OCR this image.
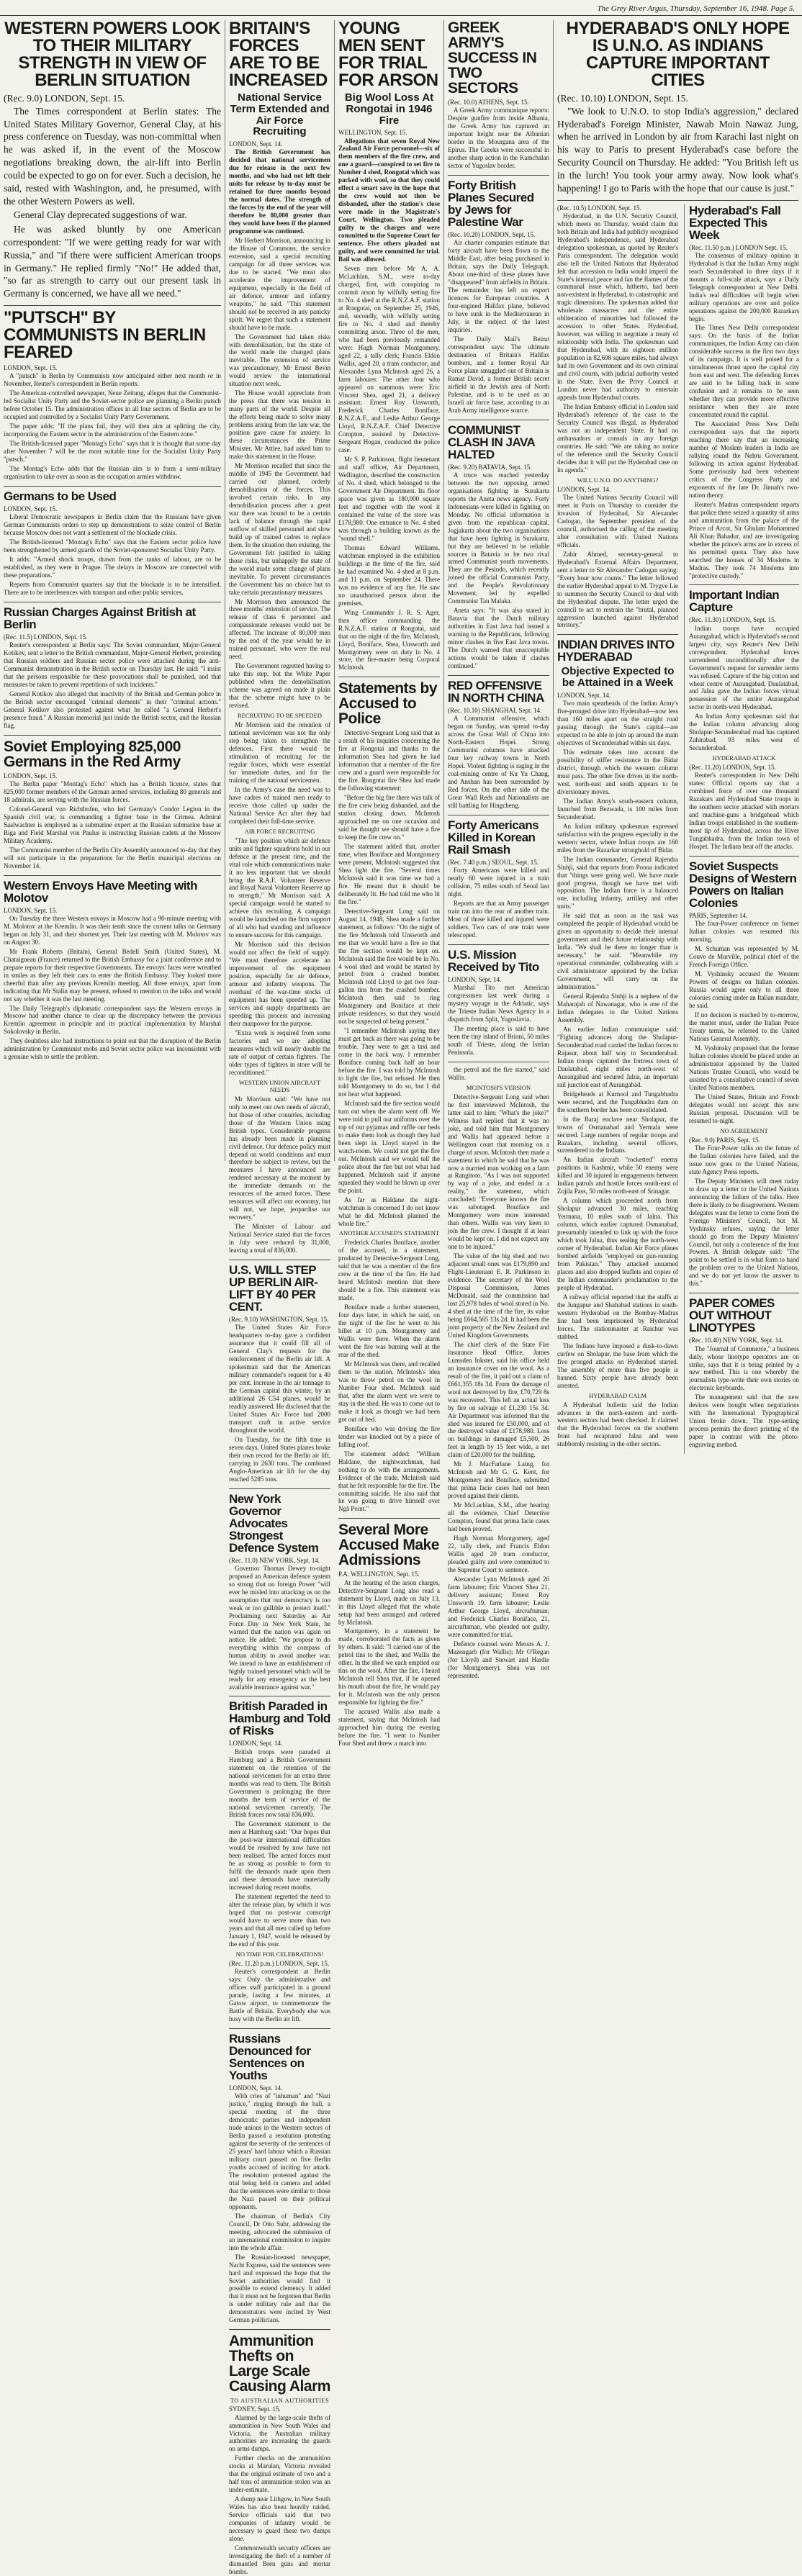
The Grey River Argus, Thursday, September 16, 1948. Page 5.
WESTERN POWERS LOOK TO THEIR MILITARY STRENGTH IN VIEW OF BERLIN SITUATION
(Rec. 9.0) LONDON, Sept. 15.

The Times correspondent at Berlin states: The United States Military Governor, General Clay, at his press conference on Tuesday, was non-committal when he was asked if, in the event of the Moscow negotiations breaking down, the air-lift into Berlin could be expected to go on for ever. Such a decision, he said, rested with Washington, and, he presumed, with the other Western Powers as well.

General Clay deprecated suggestions of war.

He was asked bluntly by one American correspondent: "If we were getting ready for war with Russia," and "if there were sufficient American troops in Germany." He replied firmly "No!" He added that, "so far as strength to carry out our present task in Germany is concerned, we have all we need."

"PUTSCH" BY COMMUNISTS IN BERLIN FEARED
LONDON, Sept. 15.

A "putsch" in Berlin by Communists now anticipated either next month or in November, Reuter's correspondent in Berlin reports.

The American-controlled newspaper, Neue Zeitung, alleges that the Communist-led Socialist Unity Party and the Soviet-sector police are planning a Berlin putsch before October 15. The administration offices in all four sectors of Berlin are to be occupied and controlled by a Socialist Unity Party Government.

The paper adds: "If the plans fail, they will then aim at splitting the city, incorporating the Eastern sector in the administration of the Eastern zone."

The British-licensed paper "Montag's Echo" says that it is thought that some day after November 7 will be the most suitable time for the Socialist Unity Party "putsch."

The Montag's Echo adds that the Russian aim is to form a semi-military organisation to take over as soon as the occupation armies withdraw.

Germans to be Used
LONDON, Sept. 15.

Liberal Democratic newspapers in Berlin claim that the Russians have given German Communists orders to step up demonstrations to seize control of Berlin because Moscow does not want a settlement of the blockade crisis.

The British-licensed "Montag's Echo" says that the Eastern sector police have been strengthened by armed guards of the Soviet-sponsored Socialist Unity Party.

It adds: "Armed shock troops, drawn from the ranks of labour, are to be established, as they were in Prague. The delays in Moscow are connected with these preparations."

Reports from Communist quarters say that the blockade is to be intensified. There are to be interferences with transport and other public services.

Russian Charges Against British at Berlin
(Rec. 11.5) LONDON, Sept. 15.

Reuter's correspondent at Berlin says: The Soviet commandant, Major-General Kotikov, sent a letter to the British commandant, Major-General Herbert, protesting that Russian soldiers and Russian sector police were attacked during the anti-Communist demonstration in the British sector on Thursday last. He said: "I insist that the persons responsible for these provocations shall be punished, and that measures be taken to prevent repetitions of such incidents."

General Kotikov also alleged that inactivity of the British and German police in the British sector encouraged "criminal elements" in their "criminal actions." General Kotikov also protested against what he called "a General Herbert's presence fraud." A Russian memorial just inside the British sector, and the Russian flag.

Soviet Employing 825,000 Germans in the Red Army
LONDON, Sept. 15.

The Berlin paper "Montag's Echo" which has a British licence, states that 825,000 former members of the German armed services, including 80 generals and 18 admirals, are serving with the Russian forces.

Colonel-General von Richthofen, who led Germany's Condor Legion in the Spanish civil war, is commanding a fighter base in the Crimea. Admiral Saalwachter is employed as a submarine expert at the Russian submarine base at Riga and Field Marshal von Paulus is instructing Russian cadets at the Moscow Military Academy.

The Communist member of the Berlin City Assembly announced to-day that they will not participate in the preparations for the Berlin municipal elections on November 14.

Western Envoys Have Meeting with Molotov
LONDON, Sept. 15.

On Tuesday the three Western envoys in Moscow had a 90-minute meeting with M. Molotov at the Kremlin. It was their tenth since the current talks on Germany began on July 31, and their shortest yet. Their last meeting with M. Molotov was on August 30.

Mr Frank Roberts (Britain), General Bedell Smith (United States), M. Chataigneau (France) returned to the British Embassy for a joint conference and to prepare reports for their respective Governments. The envoys' faces were wreathed in smiles as they left their cars to enter the British Embassy. They looked more cheerful than after any previous Kremlin meeting. All three envoys, apart from indicating that Mr Stalin may be present, refused to mention to the talks and would not say whether it was the last meeting.

The Daily Telegraph's diplomatic correspondent says the Western envoys in Moscow had another chance to clear up the discrepancy between the previous Kremlin agreement in principle and its practical implementation by Marshal Sokolovsky in Berlin.

They doubtless also had instructions to point out that the disruption of the Berlin administration by Communist mobs and Soviet sector police was inconsistent with a genuine wish to settle the problem.

BRITAIN'S FORCES ARE TO BE INCREASED
National Service Term Extended and Air Force Recruiting
LONDON, Sept. 14.

The British Government has decided that national servicemen due for release in the next few months, and who had not left their units for release by to-day must be retained for three months beyond the normal dates. The strength of the forces by the end of the year will therefore be 80,000 greater than they would have been if the planned programme was continued.

Mr Herbert Morrison, announcing in the House of Commons, the service extension, said a special recruiting campaign for all three services was due to be started. "We must also accelerate the improvement of equipment, especially in the field of air defence, armour and infantry weapons," he said. "This statement should not be received in any panicky spirit. We regret that such a statement should have to be made.

The Government had taken risks with demobilisation, but the state of the world made the changed plans inevitable. The extension of service was precautionary, Mr Ernest Bevin would review the international situation next week.

The House would appreciate from the press that there was tension in many parts of the world. Despite all the efforts being made to solve many problems arising from the late war, the position gave cause for anxiety. In these circumstances the Prime Minister, Mr Attlee, had asked him to make this statement in the House.

Mr Morrison recalled that since the middle of 1945 the Government had carried out planned, orderly demobilisation of the forces. This involved certain risks. In any demobilisation process after a great war there was bound to be a certain lack of balance through the rapid outflow of skilled personnel and slow build up of trained cadres to replace them. In the situation then existing, the Government felt justified in taking those risks, but unhappily the state of the world made some change of plans inevitable. To prevent circumstances the Government has no choice but to take certain precautionary measures.

Mr Morrison then announced the three months' extension of service. The release of class 6 personnel and compassionate releases would not be affected. The increase of 80,000 men by the end of the year would be in trained personnel, who were the real need.

The Government regretted having to take this step, but the White Paper published when the demobilisation scheme was agreed on made it plain that the scheme might have to be revised.

RECRUITING TO BE SPEEDED

Mr Morrison said the retention of national servicemen was not the only step being taken to strengthen the defences. First there would be stimulation of recruiting for the regular forces, which were essential for immediate duties, and for the training of the national servicemen.

In the Army's case the need was to have cadres of trained men ready to receive those called up under the National Service Act after they had completed their full-time service.

AIR FORCE RECRUITING

"The key position which air defence units and fighter squadrons hold in our defence at the present time, and the vital role which communications make it no less important that we should bring the R.A.F. Volunteer Reserve and Royal Naval Volunteer Reserve up to strength," Mr Morrison said. A special campaign would be started to achieve this recruiting. A campaign would be launched on the firm support of all who had standing and influence to ensure success for this campaign.

Mr Morrison said this decision would not affect the field of supply. "We must therefore accelerate an improvement of the equipment position, especially for air defence, armour and infantry weapons. The overhaul of the war-time stocks of equipment has been speeded up. The services and supply departments are speeding this process and increasing their manpower for the purpose.

"Extra work is required from some factories and we are adopting measures which will nearly double the rate of output of certain fighters. The older types of fighters in store will be reconditioned."

WESTERN UNION AIRCRAFT NEEDS

Mr Morrison said: "We have not only to meet our own needs of aircraft, but those of other countries, including those of the Western Union using British types. Considerable progress has already been made in planning civil defence. Our defence policy must depend on world conditions and must therefore be subject to review, but the measures I have announced are rendered necessary at the moment by the immediate demands on the resources of the armed forces. These resources will affect our economy, but will not, we hope, jeopardise our recovery."

The Minister of Labour and National Service stated that the forces in July were reduced by 31,000, leaving a total of 836,000.

U.S. WILL STEP UP BERLIN AIR-LIFT BY 40 PER CENT.
(Rec. 9.10) WASHINGTON, Sept. 15.

The United States Air Force headquarters to-day gave a confident assurance that it could fill all of General Clay's requests for the reinforcement of the Berlin air lift. A spokesman said that the American military commander's request for a 40 per cent. increase in the air tonnage to the German capital this winter, by an additional 26 C54 planes, would be readily answered. He disclosed that the United States Air Force had 2000 transport craft in active service throughout the world.

On Tuesday, for the fifth time in seven days, United States planes broke their own record for the Berlin air lift, carrying in 2630 tons. The combined Anglo-American air lift for the day reached 5285 tons.

New York Governor Advocates Strongest Defence System
(Rec. 11.0) NEW YORK, Sept. 14.

Governor Thomas Dewey to-night proposed an American defence system so strong that no foreign Power "will ever be misled into attacking us on the assumption that our democracy is too weak or too gullible to protect itself." Proclaiming next Saturday as Air Force Day in New York State, he warned that the nation was again on notice. He added: "We propose to do everything within the compass of human ability to avoid another war. We intend to have an establishment of highly trained personnel which will be ready for any emergency as the best available insurance against war."

British Paraded in Hamburg and Told of Risks
LONDON, Sept. 14.

British troops were paraded at Hamburg and a British Government statement on the retention of the national servicemen for an extra three months was read to them. The British Government is prolonging the three months the term of service of the national servicemen currently. The British forces now total 836,000.

The Government statement to the men at Hamburg said: "Our hopes that the post-war international difficulties would be resolved by now have not been realised. The armed forces must be as strong as possible to form to fulfil the demands made upon them and these demands have materially increased during recent months.

The statement regretted the need to alter the release plan, by which it was hoped that no post-war conscript would have to serve more than two years and that all men called up before January 1, 1947, would be released by the end of this year.

NO TIME FOR CELEBRATIONS!
(Rec. 11.20 p.m.) LONDON, Sept. 15.

Reuter's correspondent at Berlin says: Only the administrative and offices staff participated in a ground parade, lasting a few minutes, at Gatow airport, to commemorate the Battle of Britain. Everybody else was busy with the Berlin air lift.

Russians Denounced for Sentences on Youths
LONDON, Sept. 14.

With cries of "inhuman" and "Nazi justice," ringing through the hall, a special meeting of the three democratic parties and independent trade unions in the Western sectors of Berlin passed a resolution protesting against the severity of the sentences of 25 years' hard labour which a Russian military court passed on five Berlin youths accused of inciting for attack. The resolution protested against the trial being held in camera and added that the sentences were similar to those the Nazi passed on their political opponents.

The chairman of Berlin's City Council, Dr Otto Suhr, addressing the meeting, advocated the submission of an international commission to inquire into the whole affair.

The Russian-licensed newspaper, Nacht Express, said the sentences were hard and expressed the hope that the Soviet authorities would find it possible to extend clemency. It added that it must not be forgotten that Berlin is under military rule and that the demonstrators were incited by West German politicians.

Ammunition Thefts on Large Scale Causing Alarm
TO AUSTRALIAN AUTHORITIES
SYDNEY, Sept. 15.

Alarmed by the large-scale thefts of ammunition in New South Wales and Victoria, the Australian military authorities are increasing the guards on arms dumps.

Further checks on the ammunition stocks at Marulan, Victoria revealed that the original estimate of two and a half tons of ammunition stolen was an under-estimate.

A dump near Lithgow, in New South Wales has also been heavily raided. Service officials said that two companies of infantry would be necessary to guard these two dumps alone.

Commonwealth security officers are investigating the theft of a number of dismantled Bren guns and mortar bombs.

YOUNG MEN SENT FOR TRIAL FOR ARSON
Big Wool Loss At Rongotai in 1946 Fire
WELLINGTON, Sept. 15.

Allegations that seven Royal New Zealand Air Force personnel—six of them members of the fire crew, and one a guard—conspired to set fire to Number 4 shed, Rongotai which was packed with wool, so that they could effect a smart save in the hope that the crew would not then be disbanded, after the station's close were made in the Magistrate's Court, Wellington. Two pleaded guilty to the charges and were committed to the Supreme Court for sentence. Five others pleaded not guilty, and were committed for trial. Bail was allowed.

Seven men before Mr A. A. McLachlan, S.M., were to-day charged, first, with conspiring to commit arson by wilfully setting fire to No. 4 shed at the R.N.Z.A.F. station at Rongotai, on September 25, 1946, and, secondly, with wilfully setting fire to No. 4 shed and thereby committing arson. Three of the men, who had been previously remanded were: Hugh Norman Montgomery, aged 22, a tally clerk; Francis Eldon Wallis, aged 20, a tram conductor; and Alexander Lynn McIntosh aged 26, a farm labourer. The other four who appeared on summons were: Eric Vincent Shea, aged 21, a delivery assistant; Ernest Roy Unsworth, Frederick Charles Boniface, R.N.Z.A.F., and Leslie Arthur George Lloyd, R.N.Z.A.F. Chief Detective Compton, assisted by Detective-Sergeant Hogan, conducted the police case.

Mr S. P. Parkinson, flight lieutenant and staff officer, Air Department, Wellington, described the construction of No. 4 shed, which belonged to the Government Air Department. Its floor space was given as 180,000 square feet and together with the wool it contained the value of the store was £178,980. One entrance to No. 4 shed was through a building known as the "sound shell."

Thomas Edward Williams, watchman employed in the exhibition buildings at the time of the fire, said he had examined No. 4 shed at 8 p.m. and 11 p.m. on September 24. There was no evidence of any fire. He saw no unauthorised person about the premises.

Wing Commander J. R. S. Ager, then officer commanding the R.N.Z.A.F. station at Rongotai, said that on the night of the fire, McIntosh, Lloyd, Boniface, Shea, Unsworth and Montgomery were on duty in No. 4 store, the fire-master being Corporal McIntosh.

Statements by Accused to Police

Detective-Sergeant Long said that as a result of his inquiries concerning the fire at Rongotai and thanks to the information Shea had given he had information that a member of the fire crew and a guard were responsible for the fire. Rongotai fire Shea had made the following statement:

"Before the big fire there was talk of the fire crew being disbanded, and the station closing down. McIntosh approached me on one occasion and said he thought we should have a fire to keep the fire crew on."

The statement added that, another time, when Boniface and Montgomery were present, McIntosh suggested that Shea light the fire. "Several times McIntosh said it was time we had a fire. He meant that it should be deliberately lit. He had told me who lit the fire."

Detective-Sergeant Long said on August 14, 1948, Shea made a further statement, as follows: "On the night of the fire McIntosh told Unsworth and me that we would have a fire so that the fire section would be kept on. McIntosh said the fire would be in No. 4 wool shed and would be started by petrol from a crashed bomber. McIntosh told Lloyd to get two four-gallon tins from the crashed bomber. McIntosh then said to ring Montgomery and Boniface at their private residences, so that they would not be suspected of being present."

"I remember McIntosh saying they must get back as there was going to be trouble. They were to get a taxi and come in the back way. I remember Boniface coming back half an hour before the fire. I was told by McIntosh to light the fire, but refused. He then told Montgomery to do so, but I did not hear what happened.

McIntosh said the fire section would turn out when the alarm went off. We were told to pull our uniforms over the top of our pyjamas and ruffle our beds to make them look as though they had been slept in. Lloyd stayed in the watch-room. We could not get the fire out. McIntosh said we would tell the police about the fire but not what had happened. McIntosh said if anyone squealed they would be blown up over the point.

As far as Haldane the night-watchman is concerned I do not know what he did. McIntosh planned the whole fire."

ANOTHER ACCUSED'S STATEMENT

Frederick Charles Boniface, another of the accused, in a statement, produced by Detective-Sergeant Long, said that he was a member of the fire crew at the time of the fire. He had heard McIntosh mention that there should be a fire. This statement was made.

Boniface made a further statement, four days later, in which he said, on the night of the fire he went to his billet at 10 p.m. Montgomery and Wallis were there. When the alarm went the fire was burning well at the rear of the shed.

Mr McIntosh was there, and recalled them to the station. McIntosh's idea was to throw petrol on the wool in Number Four shed. McIntosh said that, after the alarm went we were to stay in the shed. He was to come out to make it look as though we had been got out of bed.

Boniface who was driving the fire tender was knocked out by a piece of falling roof.

The statement added: "William Haldane, the nightwatchman, had nothing to do with the arrangements. Evidence of the trade. McIntosh said that he felt responsible for the fire. The committing suicide. He also said that he was going to drive himself over Ngā Point."

Several More Accused Make Admissions
P.A. WELLINGTON, Sept. 15.

At the hearing of the arson charges, Detective-Sergeant Long also read a statement by Lloyd, made on July 13, in this Lloyd alleged that the whole setup had been arranged and ordered by McIntosh.

Montgomery, in a statement he made, corroborated the facts as given by others. It said: "I carried one of the petrol tins to the shed, and Wallis the other. In the shed we each emptied our tins on the wool. After the fire, I heard McIntosh tell Shea that, if he opened his mouth about the fire, he would pay for it. McIntosh was the only person responsible for lighting the fire."

The accused Wallis also made a statement, saying that McIntosh had approached him during the evening before the fire. "I went to Number Four Shed and threw a match into

GREEK ARMY'S SUCCESS IN TWO SECTORS
(Rec. 10.0) ATHENS, Sept. 15.

A Greek Army communique reports: Despite gunfire from inside Albania, the Greek Army has captured an important height near the Albanian border in the Mourgana area of the Epirus. The Greeks were successful in another sharp action in the Kamchalan sector of Yugoslav border.

Forty British Planes Secured by Jews for Palestine War
(Rec. 10.20) LONDON, Sept. 15.

Air charter companies estimate that forty aircraft have been flown to the Middle East, after being purchased in Britain, says the Daily Telegraph. About one-third of these planes have "disappeared" from airfields in Britain. The remainder has left on export licences for European countries. A four-engined Halifax plane, believed to have sunk in the Mediterranean in July, is the subject of the latest inquiries.

The Daily Mail's Beirut correspondent says: The ultimate destination of Britain's Halifax bombers, and a former Royal Air Force plane smuggled out of Britain is Ramat David, a former British secret airfield in the Jewish area of North Palestine, and is to be used as an Israeli air force base, according to an Arab Army intelligence source.

COMMUNIST CLASH IN JAVA HALTED
(Rec. 9.20) BATAVIA, Sept. 15.

A truce was reached yesterday between the two opposing armed organisations fighting in Surakarta reports the Aneta news agency. Forty Indonesians were killed in fighting on Monday. No official information is given from the republican capital, Jogjakarta about the two organisations that have been fighting in Surakarta, but they are believed to be reliable sources in Batavia to be two rival armed Communist youth movements. They are the Pesindo, which recently joined the official Communist Party, and the People's Revolutionary Movement, led by expelled Communist Tan Malaka.

Aneta says: "It was also stated in Batavia that the Dutch military authorities in East Java had issued a warning to the Republicans, following minor clashes in five East Java towns. The Dutch warned that unacceptable actions would be taken if clashes continued."

RED OFFENSIVE IN NORTH CHINA
(Rec. 10.10) SHANGHAI, Sept. 14.

A Communist offensive, which began on Sunday, was spread to-day across the Great Wall of China into North-Eastern Hopei. Strong Communist columns have attacked four key railway towns in North Hopei. Violent fighting is raging in the coal-mining centre of Ku Yu Chang, and Anshan has been surrounded by Red forces. On the other side of the Great Wall Reds and Nationalists are still battling for Hingcheng.

Forty Americans Killed in Korean Rail Smash
(Rec. 7.40 p.m.) SEOUL, Sept. 15.

Forty Americans were killed and nearly 60 were injured in a train collision, 75 miles south of Seoul last night.

Reports are that an Army passenger train ran into the rear of another train. Most of those killed and injured were soldiers. Two cars of one train were telescoped.

U.S. Mission Received by Tito
LONDON, Sept. 14.

Marshal Tito met American congressmen last week during a mystery voyage in the Adriatic, says the Trieste Italian News Agency in a dispatch from Split, Yugoslavia.

The meeting place is said to have been the tiny island of Brioni, 50 miles south of Trieste, along the Istrian Peninsula.

the petrol and the fire started," said Wallis.

MCINTOSH'S VERSION

Detective-Sergeant Long said when he first interviewed McIntosh, the latter said to him: "What's the joke?" Witness had replied that it was no joke, and told him that Montgomery and Wallis had appeared before a Wellington court that morning on a charge of arson. McIntosh then made a statement in which he said that he was now a married man working on a farm at Rangitoto. "As I was not supported by way of a joke, and ended in a reality," the statement, which concluded: "Everyone knows the fire was sabotaged. Boniface and Montgomery were more interested than others. Wallis was very keen to join the fire crew. I thought if at least would be kept on. I did not expect any one to be injured."

The value of the big shed and two adjacent small ones was £179,890 and Flight-Lieutenant E. R. Parkinson in evidence. The secretary of the Wool Disposal Commission, James McDonald, said the commission had lost 25,978 bales of wool stored in No. 4 shed at the time of the fire, its value being £664,565 13s 2d. It had been the joint property of the New Zealand and United Kingdom Governments.

The chief clerk of the State Fire Insurance Head Office, James Lumsden Inkster, said his office held an insurance cover on the wool. As a result of the fire, it paid out a claim of £661,355 18s 3d. From the damage of wool not destroyed by fire, £70,729 8s was recovered. This left an actual loss by fire on salvage of £1,230 15s 3d. Air Department was informed that the shed was insured for £50,000, and of the destroyed value of £178,980. Loss on buildings in damaged £5,500, 26 feet in length by 15 feet wide, a net claim of £20,000 for the building.

Mr J. MacFarlane Laing, for McIntosh and Mr G. G. Kent, for Montgomery and Boniface, submitted that prima facie cases had not been proved against their clients.

Mr McLachlan, S.M., after hearing all the evidence, Chief Detective Compton, found that prima facie cases had been proved.

Hugh Norman Montgomery, aged 22, tally clerk, and Francis Eldon Wallis aged 20 tram conductor, pleaded guilty and were committed to the Supreme Court to sentence.

Alexander Lynn McIntosh aged 26 farm labourer; Eric Vincent Shea 21, delivery assistant; Ernest Roy Unsworth 19, farm labourer; Leslie Arthur George Lloyd, aircraftsman; and Frederick Charles Boniface, 21, aircraftsman, who pleaded not guilty, were committed for trial.

Defence counsel were Messrs A. J. Mazengarb (for Wallis); Mr O'Regan (for Lloyd) and Stewart and Hardie (for Montgomery). Shea was not represented.

HYDERABAD'S ONLY HOPE IS U.N.O. AS INDIANS CAPTURE IMPORTANT CITIES
(Rec. 10.10) LONDON, Sept. 15.

"We look to U.N.O. to stop India's aggression," declared Hyderabad's Foreign Minister, Nawab Moin Nawaz Jung, when he arrived in London by air from Karachi last night on his way to Paris to present Hyderabad's case before the Security Council on Thursday. He added: "You British left us in the lurch! You took your army away. Now look what's happening! I go to Paris with the hope that our cause is just."

(Rec. 10.5) LONDON, Sept. 15.

Hyderabad, in the U.N. Security Council, which meets on Thursday, would claim that both Britain and India had publicly recognised Hyderabad's independence, said Hyderabad delegation spokesman, as quoted by Reuter's Paris correspondent. The delegation would also tell the United Nations that Hyderabad felt that accession to India would imperil the State's internal peace and fan the flames of the communal issue which, hitherto, had been non-existent in Hyderabad, to catastrophic and tragic dimensions. The spokesman added that wholesale massacres and the entire obliteration of minorities had followed the accession to other States. Hyderabad, however, was willing to negotiate a treaty of relationship with India. The spokesman said that Hyderabad, with its eighteen million population in 82,698 square miles, had always had its own Government and its own criminal and civil courts, with judicial authority vested in the State. Even the Privy Council at London never had authority to entertain appeals from Hyderabad courts.

The Indian Embassy official in London said Hyderabad's reference of the case to the Security Council was illegal, as Hyderabad was not an independent State. It had no ambassadors or consuls in any foreign countries. He said: "We are taking no notice of the reference until the Security Council decides that it will put the Hyderabad case on its agenda."

WILL U.N.O. DO ANYTHING?
LONDON, Sept. 14.

The United Nations Security Council will meet in Paris on Thursday to consider the invasion of Hyderabad, Sir Alexander Cadogan, the September president of the council, authorised the calling of the meeting after consultation with United Nations officials.

Zahir Ahmed, secretary-general to Hyderabad's External Affairs Department, sent a letter to Sir Alexander Cadogan saying: "Every hour now counts." The letter followed the earlier Hyderabad appeal to M. Trygve Lie to summon the Security Council to deal with the Hyderabad dispute. The letter urged the council to act to restrain the "brutal, planned aggression launched against Hyderabad territory."

INDIAN DRIVES INTO HYDERABAD
Objective Expected to be Attained in a Week
LONDON, Sept. 14.

Two main spearheads of the Indian Army's five-pronged drive into Hyderabad—now less than 160 miles apart on the straight road passing through the State's capital—are expected to be able to join up around the main objectives of Secunderabad within six days.

This estimate takes into account the possibility of stiffer resistance in the Bidar district, through which the western column must pass. The other five drives in the north-west, north-east and south appears to be diversionary moves.

The Indian Army's south-eastern column, launched from Bezwada, is 100 miles from Secunderabad.

An Indian military spokesman expressed satisfaction with the progress especially in the western sector, where Indian troops are 160 miles from the Razarkar stronghold of Bidar.

The Indian commander, General Rajendra Sinhji, said that reports from Poona indicated that "things were going well. We have made good progress, though we have met with opposition. The Indian force is a balanced one, including infantry, artillery and other units."

He said that as soon as the task was completed the people of Hyderabad would be given an opportunity to decide their internal government and their future relationship with India. "We shall be there no longer than is necessary," he said. "Meanwhile my operational commander, collaborating with a civil administrator appointed by the Indian Government, will carry on the administration."

General Rajendra Sinhji is a nephew of the Maharajah of Nawanagar, who is one of the Indian delegates to the United Nations Assembly.

An earlier Indian communique said: "Fighting advances along the Sholapur-Secunderabad road carried the Indian forces to Rajasur, about half way to Secunderabad. Indian troops captured the fortress town of Daulatabad, eight miles north-west of Aurangabad and secured Jalna, an important rail junction east of Aurangabad.

Bridgeheads at Kurnool and Tungabhadra were secured, and the Tungabhadra dam on the southern border has been consolidated.

In the Baraj enclave near Sholapur, the towns of Osmanabad and Yermala were secured. Large numbers of regular troops and Razakars, including several officers, surrendered to the Indians.

An Indian aircraft "rocketted" enemy positions in Kashmir, while 50 enemy were killed and 30 injured in engagements between Indian patrols and hostile forces south-east of Zojila Pass, 50 miles north-east of Srinagar.

A column which proceeded north from Sholapur advanced 30 miles, reaching Yermana, 10 miles south of Jalna. This column, which earlier captured Osmanabad, presumably intended to link up with the force which took Jalna, thus sealing the north-west corner of Hyderabad. Indian Air Force planes bombed airfields "employed on gun-running from Pakistan." They attacked unnamed places and also dropped leaflets and copies of the Indian commander's proclamation to the people of Hyderabad.

A railway official reported that the staffs at the Jungapur and Shahabad stations in south-western Hyderabad on the Bombay-Madras line had been imprisoned by Hyderabad forces. The stationmaster at Raichur was stabbed.

The Indians have imposed a dusk-to-dawn curfew on Sholapur, the base from which the five pronged attacks on Hyderabad started. The assembly of more than five people is banned. Sixty people have already been arrested.

HYDERABAD CALM

A Hyderabad bulletin said the Indian advances in the north-eastern and north-western sectors had been checked. It claimed that the Hyderabad forces on the southern front had recaptured Jalna and were stubbornly resisting in the other sectors.

Hyderabad's Fall Expected This Week
(Rec. 11.50 p.m.) LONDON Sept. 15.

The consensus of military opinion in Hyderabad is that the Indian Army might reach Secunderabad in three days if it mounts a full-scale attack, says a Daily Telegraph correspondent at New Delhi. India's real difficulties will begin when military operations are over and police operations against the 200,000 Razarkars begin.

The Times New Delhi correspondent says: On the basis of the Indian communiques, the Indian Army can claim considerable success in the first two days of its campaign. It is well poised for a simultaneous thrust upon the capital city from east and west. The defending forces are said to be falling back in some confusion and it remains to be seen whether they can provide more effective resistance when they are more concentrated round the capital.

The Associated Press New Delhi correspondent says that the reports reaching there say that an increasing number of Moslem leaders in India are rallying round the Nehru Government, following its action against Hyderabad. Some previously had been vehement critics of the Congress Party and exponents of the late Dr. Jinnah's two-nation theory.

Reuter's Madras correspondent reports that police there seized a quantity of arms and ammunition from the palace of the Prince of Arcot, Sir Ghulam Mohammed Ali Khan Bahadur, and are investigating whether the prince's arms are in excess of his permitted quota. They also have searched the houses of 34 Moslems in Madras. They took 74 Moslems into "protective custody."

Important Indian Capture
(Rec. 11.30) LONDON, Sept. 15.

Indian troops have occupied Aurangabad, which is Hyderabad's second largest city, says Reuter's New Delhi correspondent. Hyderabad forces surrendered unconditionally after the Government's request for surrender terms was refused. Capture of the big cotton and wheat centre of Aurangabad, Daulatabad, and Jalna gave the Indian forces virtual possession of the entire Aurangabad sector in north-west Hyderabad.

An Indian Army spokesman said that the Indian column advancing along Sholapur-Secunderabad road has captured Zahirabad, 93 miles west of Secunderabad.

HYDERABAD ATTACK
(Rec. 11.20) LONDON, Sept. 15.

Reuter's correspondent in New Delhi states: Official reports say that a combined force of over one thousand Razakars and Hyderabad State troops in the southern sector attacked with mortars and machine-guns a bridgehead which Indian troops established in the southern-most tip of Hyderabad, across the River Tungabhadra, from the Indian town of Hospet. The Indians beat off the attacks.

Soviet Suspects Designs of Western Powers on Italian Colonies
PARIS, September 14.

The four-Power conference on former Italian colonies was resumed this morning.

M. Schuman was represented by M. Couve de Murville, political chief of the French Foreign Office.

M. Vyshinsky accused the Western Powers of designs on Italian colonies. Russia would agree only to all three colonies coming under an Italian mandate, he said.

If no decision is reached by to-morrow, the matter must, under the Italian Peace Treaty terms, be referred to the United Nations General Assembly.

M. Vyshinsky proposed that the former Italian colonies should be placed under an administrator appointed by the United Nations Trustee Council, who would be assisted by a consultative council of seven United Nations members.

The United States, Britain and French delegates would not accept this new Russian proposal. Discussion will be resumed to-night.

NO AGREEMENT
(Rec. 9.0) PARIS, Sept. 15.

The Four-Power talks on the future of the Italian colonies have failed, and the issue now goes to the United Nations, state Agency Press reports.

The Deputy Ministers will meet today to draw up a letter to the United Nations announcing the failure of the talks. Here there is likely to be disagreement. Western delegates want the letter to come from the Foreign Ministers' Council, but M. Vyshinsky refuses, saying the letter should go from the Deputy Ministers' Council, but only a conference of the four Powers. A British delegate said: "The point to be settled is in what form to hand the problem over to the United Nations, and we do not yet know the answer to this."

PAPER COMES OUT WITHOUT LINOTYPES
(Rec. 10.40) NEW YORK, Sept. 14.

The "Journal of Commerce," a business daily, whose linotype operators are on strike, says that it is being printed by a new method. This is one whereby the journalists type-write their own stories on electronic keyboards.

The management said that the new devices were bought when negotiations with the International Typographical Union broke down. The type-setting process permits the direct printing of the paper in contrast with the photo-engraving method.
